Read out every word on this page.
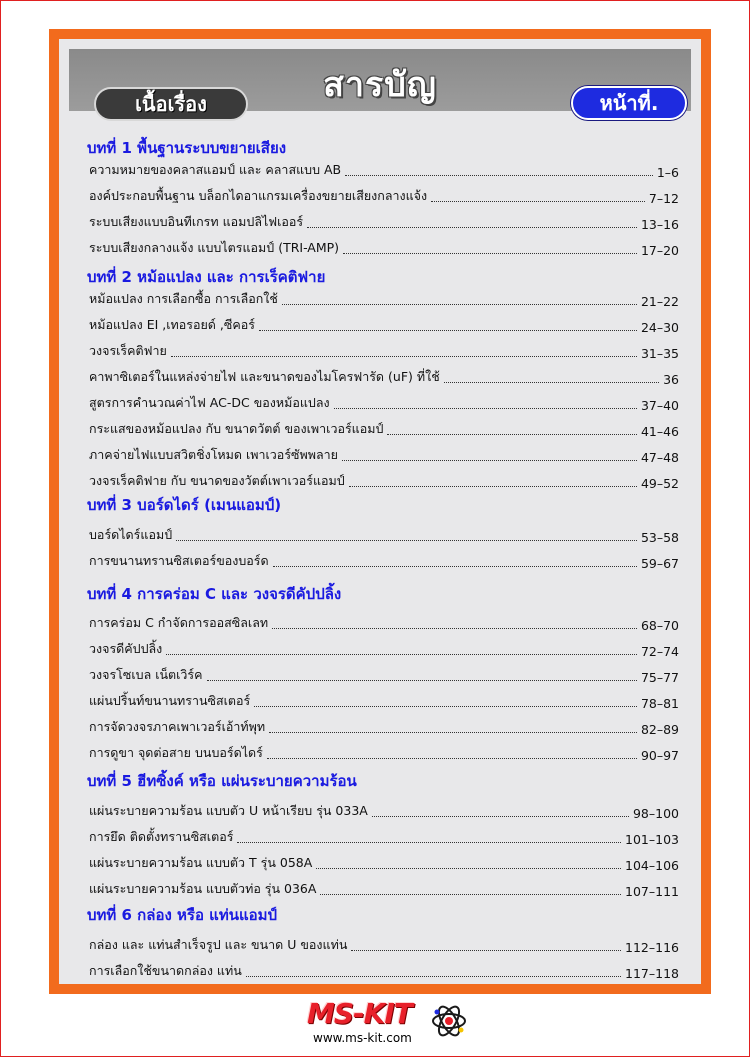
สารบัญ
เนื้อเรื่อง	หน้าที่.
บทที่ 1 พื้นฐานระบบขยายเสียง
ความหมายของคลาสแอมป์ และ คลาสแบบ AB	1–6
องค์ประกอบพื้นฐาน บล็อกไดอาแกรมเครื่องขยายเสียงกลางแจ้ง	7–12
ระบบเสียงแบบอินทีเกรท แอมปลิไฟเออร์	13–16
ระบบเสียงกลางแจ้ง แบบไตรแอมป์ (TRI-AMP)	17–20
บทที่ 2 หม้อแปลง และ การเร็คติฟาย
หม้อแปลง การเลือกซื้อ การเลือกใช้	21–22
หม้อแปลง EI ,เทอรอยด์ ,ซีคอร์	24–30
วงจรเร็คติฟาย	31–35
คาพาซิเตอร์ในแหล่งจ่ายไฟ และขนาดของไมโครฟารัด (uF) ที่ใช้	36
สูตรการคำนวณค่าไฟ AC-DC ของหม้อแปลง	37–40
กระแสของหม้อแปลง กับ ขนาดวัตต์ ของเพาเวอร์แอมป์	41–46
ภาคจ่ายไฟแบบสวิตชิ่งโหมด เพาเวอร์ซัพพลาย	47–48
วงจรเร็คติฟาย กับ ขนาดของวัตต์เพาเวอร์แอมป์	49–52
บทที่ 3 บอร์ดไดร์ (เมนแอมป์)
บอร์ดไดร์แอมป์	53–58
การขนานทรานซิสเตอร์ของบอร์ด	59–67
บทที่ 4 การคร่อม C และ วงจรดีคัปปลิ้ง
การคร่อม C กำจัดการออสซิลเลท	68–70
วงจรดีคัปปลิ้ง	72–74
วงจรโซเบล เน็ตเวิร์ค	75–77
แผ่นปริ้นท์ขนานทรานซิสเตอร์	78–81
การจัดวงจรภาคเพาเวอร์เอ้าท์พุท	82–89
การดูขา จุดต่อสาย บนบอร์ดไดร์	90–97
บทที่ 5 ฮีทซิ้งค์ หรือ แผ่นระบายความร้อน
แผ่นระบายความร้อน แบบตัว U หน้าเรียบ รุ่น 033A	98–100
การยึด ติดตั้งทรานซิสเตอร์	101–103
แผ่นระบายความร้อน แบบตัว T รุ่น 058A	104–106
แผ่นระบายความร้อน แบบตัวท่อ รุ่น 036A	107–111
บทที่ 6 กล่อง หรือ แท่นแอมป์
กล่อง และ แท่นสำเร็จรูป และ ขนาด U ของแท่น	112–116
การเลือกใช้ขนาดกล่อง แท่น	117–118
MS-KIT
www.ms-kit.com
